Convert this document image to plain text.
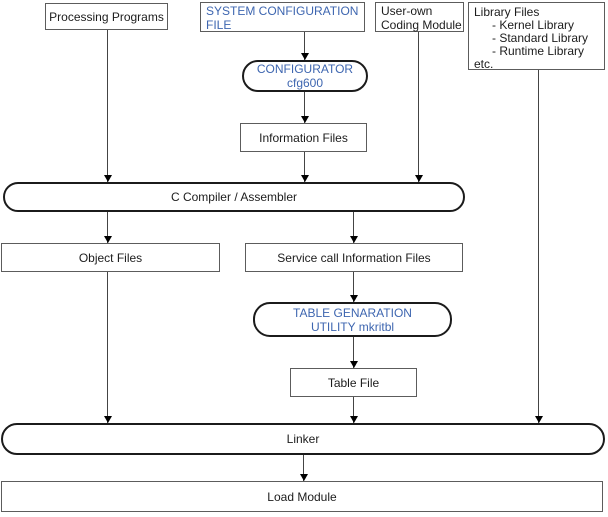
Processing Programs	SYSTEM CONFIGURATION
FILE
User-own
Coding Module
Library Files
- Kernel Library
- Standard Library
- Runtime Library
etc.
CONFIGURATOR
cfg600
Information Files
C Compiler / Assembler
Object Files	Service call Information Files
TABLE GENARATION
UTILITY mkritbl
Table File
Linker
Load Module
